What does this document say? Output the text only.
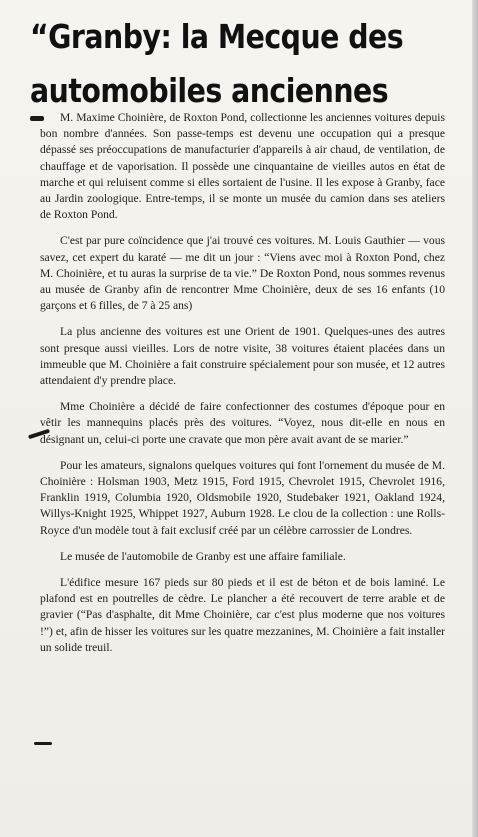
“Granby: la Mecque des
automobiles anciennes

M. Maxime Choinière, de Roxton Pond, collectionne les anciennes voitures depuis bon nombre d'années. Son passe-temps est devenu une occupation qui a presque dépassé ses préoccupations de manufacturier d'appareils à air chaud, de ventilation, de chauffage et de vaporisation. Il possède une cinquantaine de vieilles autos en état de marche et qui reluisent comme si elles sortaient de l'usine. Il les expose à Granby, face au Jardin zoologique. Entre-temps, il se monte un musée du camion dans ses ateliers de Roxton Pond.

C'est par pure coïncidence que j'ai trouvé ces voitures. M. Louis Gauthier — vous savez, cet expert du karaté — me dit un jour : “Viens avec moi à Roxton Pond, chez M. Choinière, et tu auras la surprise de ta vie.” De Roxton Pond, nous sommes revenus au musée de Granby afin de rencontrer Mme Choinière, deux de ses 16 enfants (10 garçons et 6 filles, de 7 à 25 ans)

La plus ancienne des voitures est une Orient de 1901. Quelques-unes des autres sont presque aussi vieilles. Lors de notre visite, 38 voitures étaient placées dans un immeuble que M. Choinière a fait construire spécialement pour son musée, et 12 autres attendaient d'y prendre place.

Mme Choinière a décidé de faire confectionner des costumes d'époque pour en vêtir les mannequins placés près des voitures. “Voyez, nous dit-elle en nous en désignant un, celui-ci porte une cravate que mon père avait avant de se marier.”

Pour les amateurs, signalons quelques voitures qui font l'ornement du musée de M. Choinière : Holsman 1903, Metz 1915, Ford 1915, Chevrolet 1915, Chevrolet 1916, Franklin 1919, Columbia 1920, Oldsmobile 1920, Studebaker 1921, Oakland 1924, Willys-Knight 1925, Whippet 1927, Auburn 1928. Le clou de la collection : une Rolls-Royce d'un modèle tout à fait exclusif créé par un célèbre carrossier de Londres.

Le musée de l'automobile de Granby est une affaire familiale.

L'édifice mesure 167 pieds sur 80 pieds et il est de béton et de bois laminé. Le plafond est en poutrelles de cèdre. Le plancher a été recouvert de terre arable et de gravier (“Pas d'asphalte, dit Mme Choinière, car c'est plus moderne que nos voitures !”) et, afin de hisser les voitures sur les quatre mezzanines, M. Choinière a fait installer un solide treuil.
